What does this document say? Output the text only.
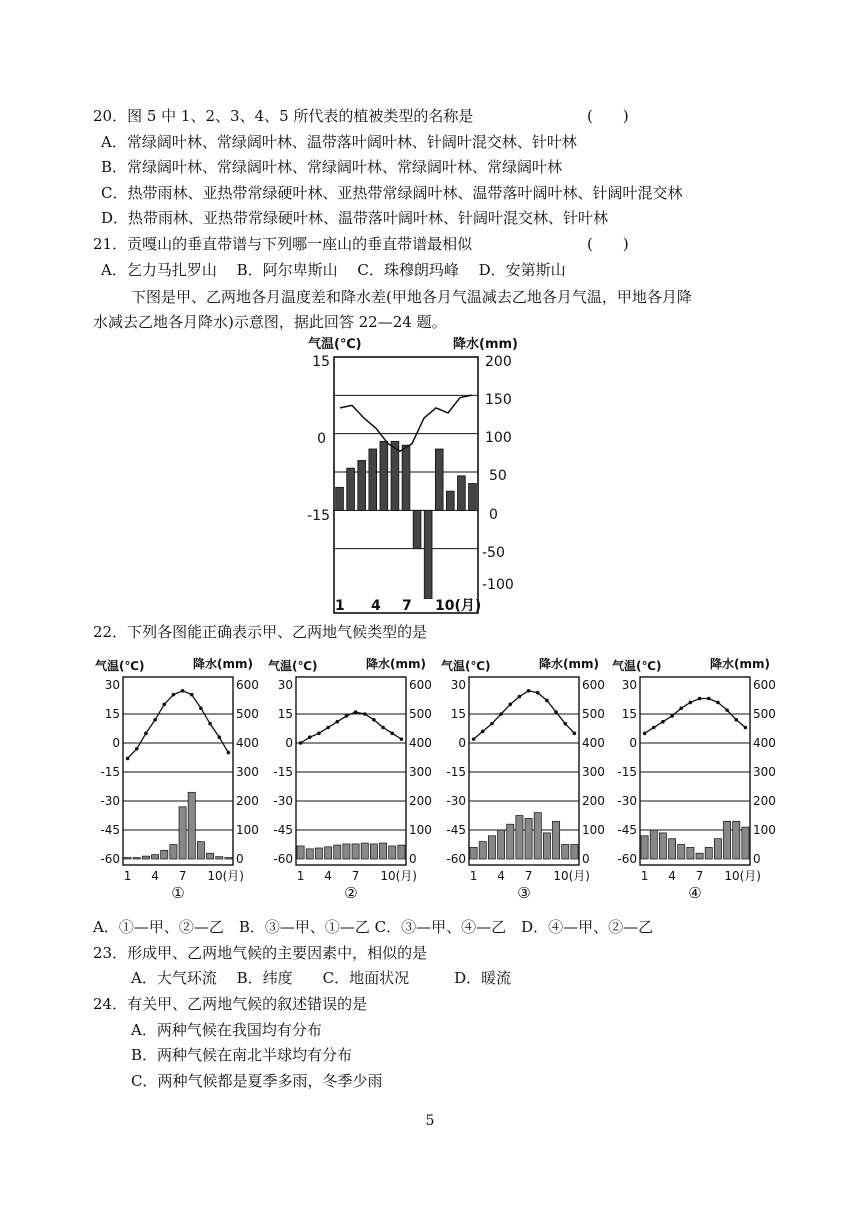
20．图 5 中 1、2、3、4、5 所代表的植被类型的名称是	(　　)
A．常绿阔叶林、常绿阔叶林、温带落叶阔叶林、针阔叶混交林、针叶林
B．常绿阔叶林、常绿阔叶林、常绿阔叶林、常绿阔叶林、常绿阔叶林
C．热带雨林、亚热带常绿硬叶林、亚热带常绿阔叶林、温带落叶阔叶林、针阔叶混交林
D．热带雨林、亚热带常绿硬叶林、温带落叶阔叶林、针阔叶混交林、针叶林
21．贡嘎山的垂直带谱与下列哪一座山的垂直带谱最相似	(　　)
A．乞力马扎罗山　 B．阿尔卑斯山　 C．珠穆朗玛峰　 D．安第斯山
下图是甲、乙两地各月温度差和降水差(甲地各月气温减去乙地各月气温，甲地各月降
水减去乙地各月降水)示意图，据此回答 22—24 题。
气温(℃)	降水(mm)
15
0
-15
200
150
100
50
0
-50
-100
1 4 7 10(月)
22．下列各图能正确表示甲、乙两地气候类型的是
气温(℃)	降水(mm)
30	600
15	500
0	400
-15	300
-30	200
-45	100
-60	0
1 4 7 10(月)
①
气温(℃)	降水(mm)
30	600
15	500
0	400
-15	300
-30	200
-45	100
-60	0
1 4 7 10(月)
②
气温(℃)	降水(mm)
30	600
15	500
0	400
-15	300
-30	200
-45	100
-60	0
1 4 7 10(月)
③
气温(℃)	降水(mm)
30	600
15	500
0	400
-15	300
-30	200
-45	100
-60	0
1 4 7 10(月)
④
A．①—甲、②—乙　B．③—甲、①—乙 C．③—甲、④—乙　D．④—甲、②—乙
23．形成甲、乙两地气候的主要因素中，相似的是
A．大气环流　 B．纬度　　C．地面状况　　　D．暖流
24．有关甲、乙两地气候的叙述错误的是
A．两种气候在我国均有分布
B．两种气候在南北半球均有分布
C．两种气候都是夏季多雨，冬季少雨
5
